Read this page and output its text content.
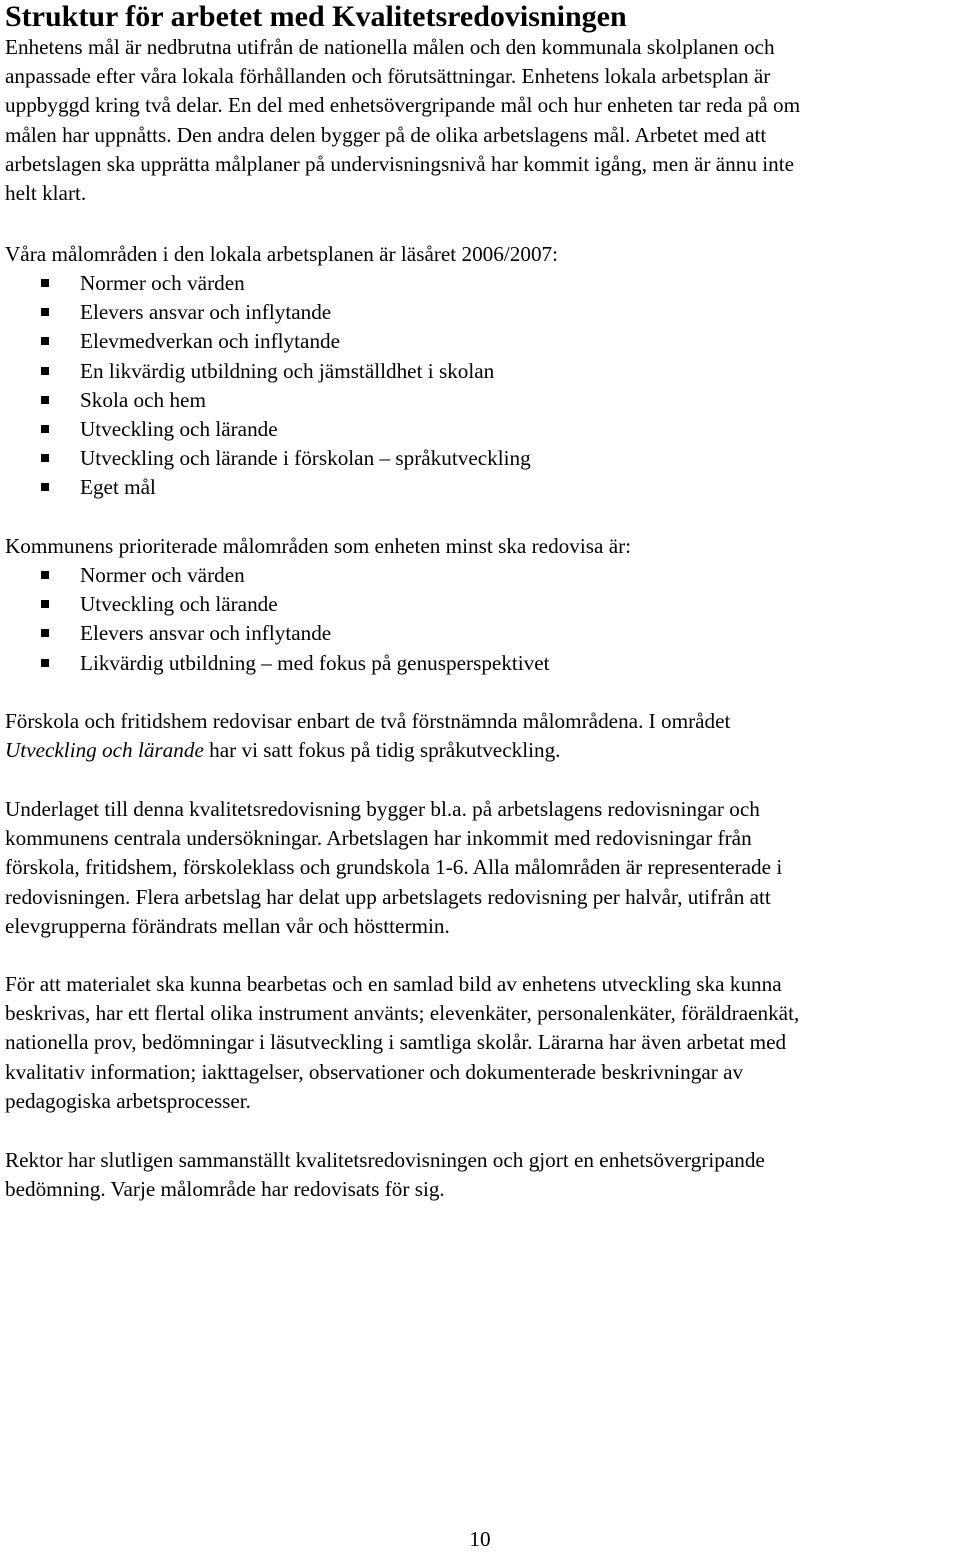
Struktur för arbetet med Kvalitetsredovisningen

Enhetens mål är nedbrutna utifrån de nationella målen och den kommunala skolplanen och
anpassade efter våra lokala förhållanden och förutsättningar. Enhetens lokala arbetsplan är
uppbyggd kring två delar. En del med enhetsövergripande mål och hur enheten tar reda på om
målen har uppnåtts. Den andra delen bygger på de olika arbetslagens mål. Arbetet med att
arbetslagen ska upprätta målplaner på undervisningsnivå har kommit igång, men är ännu inte
helt klart.

Våra målområden i den lokala arbetsplanen är läsåret 2006/2007:

Normer och värden
Elevers ansvar och inflytande
Elevmedverkan och inflytande
En likvärdig utbildning och jämställdhet i skolan
Skola och hem
Utveckling och lärande
Utveckling och lärande i förskolan – språkutveckling
Eget mål

Kommunens prioriterade målområden som enheten minst ska redovisa är:

Normer och värden
Utveckling och lärande
Elevers ansvar och inflytande
Likvärdig utbildning – med fokus på genusperspektivet

Förskola och fritidshem redovisar enbart de två förstnämnda målområdena. I området
Utveckling och lärande har vi satt fokus på tidig språkutveckling.

Underlaget till denna kvalitetsredovisning bygger bl.a. på arbetslagens redovisningar och
kommunens centrala undersökningar. Arbetslagen har inkommit med redovisningar från
förskola, fritidshem, förskoleklass och grundskola 1-6. Alla målområden är representerade i
redovisningen. Flera arbetslag har delat upp arbetslagets redovisning per halvår, utifrån att
elevgrupperna förändrats mellan vår och hösttermin.

För att materialet ska kunna bearbetas och en samlad bild av enhetens utveckling ska kunna
beskrivas, har ett flertal olika instrument använts; elevenkäter, personalenkäter, föräldraenkät,
nationella prov, bedömningar i läsutveckling i samtliga skolår. Lärarna har även arbetat med
kvalitativ information; iakttagelser, observationer och dokumenterade beskrivningar av
pedagogiska arbetsprocesser.

Rektor har slutligen sammanställt kvalitetsredovisningen och gjort en enhetsövergripande
bedömning. Varje målområde har redovisats för sig.

10
